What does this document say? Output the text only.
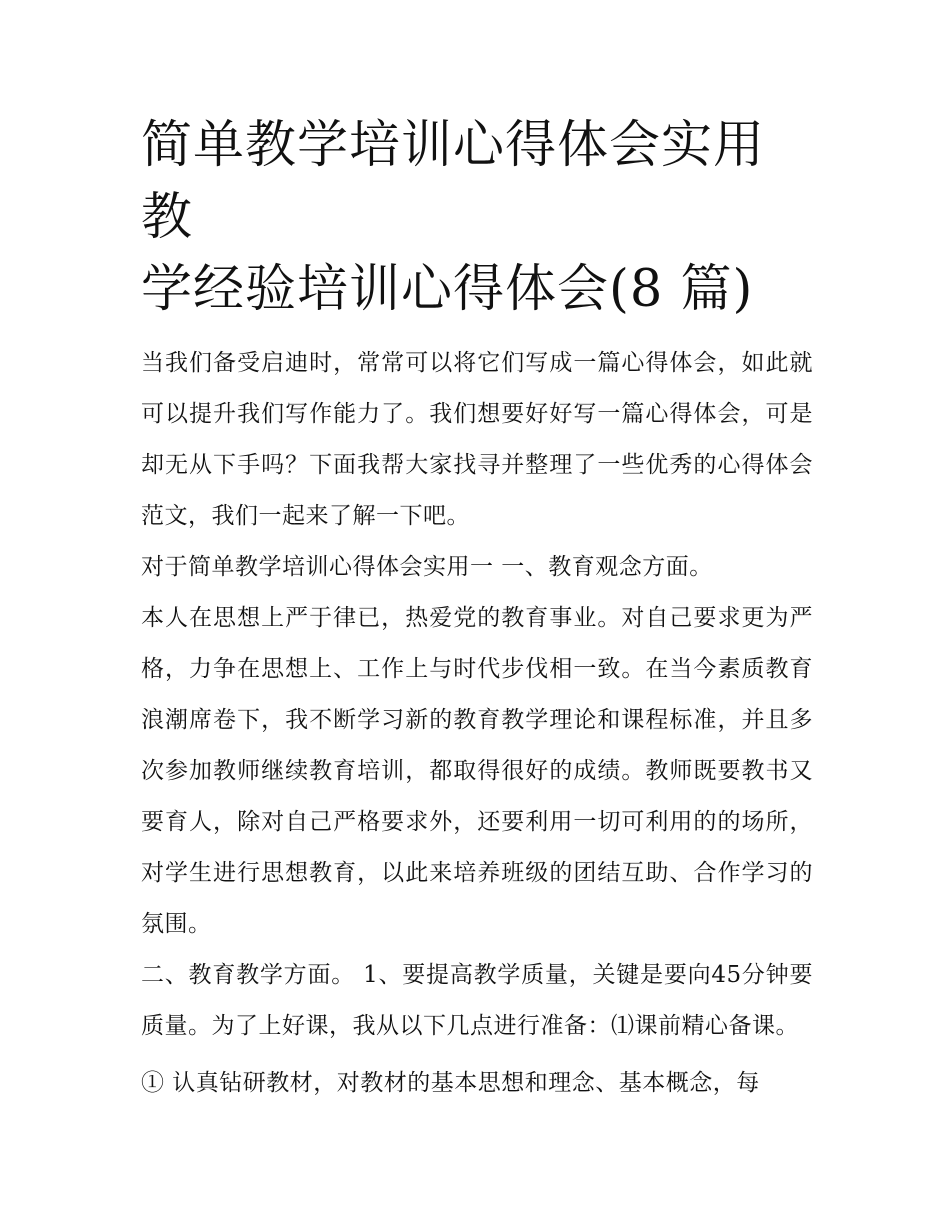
简单教学培训心得体会实用 教
学经验培训心得体会(8 篇)

当我们备受启迪时，常常可以将它们写成一篇心得体会，如此就可以提升我们写作能力了。我们想要好好写一篇心得体会，可是却无从下手吗？下面我帮大家找寻并整理了一些优秀的心得体会范文，我们一起来了解一下吧。

对于简单教学培训心得体会实用一 一、教育观念方面。

本人在思想上严于律已，热爱党的教育事业。对自己要求更为严格，力争在思想上、工作上与时代步伐相一致。在当今素质教育浪潮席卷下，我不断学习新的教育教学理论和课程标准，并且多次参加教师继续教育培训，都取得很好的成绩。教师既要教书又要育人，除对自己严格要求外，还要利用一切可利用的的场所，对学生进行思想教育，以此来培养班级的团结互助、合作学习的氛围。

二、教育教学方面。 1、要提高教学质量，关键是要向45分钟要质量。为了上好课，我从以下几点进行准备：⑴课前精心备课。

① 认真钻研教材，对教材的基本思想和理念、基本概念，每
